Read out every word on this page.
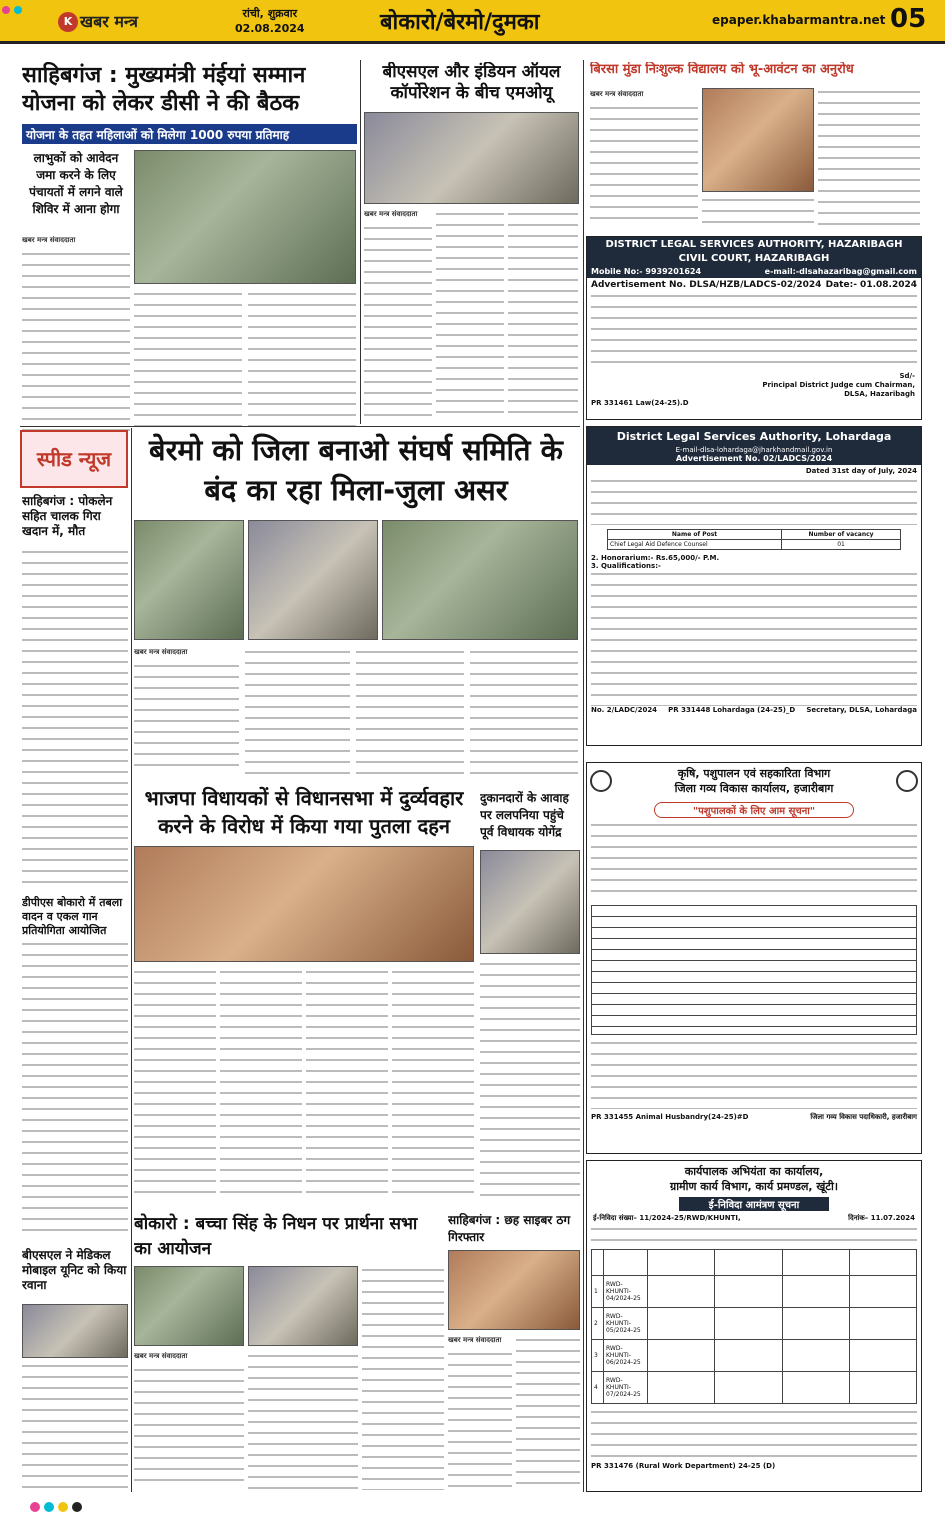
K खबर मन्त्र	रांची, शुक्रवार
02.08.2024	बोकारो/बेरमो/दुमका	epaper.khabarmantra.net 05
साहिबगंज : मुख्यमंत्री मंईयां सम्मान योजना को लेकर डीसी ने की बैठक
योजना के तहत महिलाओं को मिलेगा 1000 रुपया प्रतिमाह
लाभुकों को आवेदन जमा करने के लिए पंचायतों में लगने वाले शिविर में आना होगा
खबर मन्त्र संवाददाता
बीएसएल और इंडियन ऑयल कॉर्पोरेशन के बीच एमओयू
खबर मन्त्र संवाददाता
बिरसा मुंडा निःशुल्क विद्यालय को भू-आवंटन का अनुरोध
खबर मन्त्र संवाददाता
DISTRICT LEGAL SERVICES AUTHORITY, HAZARIBAGH
CIVIL COURT, HAZARIBAGH
Mobile No:- 9939201624	e-mail:-dlsahazaribag@gmail.com
Advertisement No. DLSA/HZB/LADCS-02/2024 Date:- 01.08.2024
Sd/-
Principal District Judge cum Chairman,
DLSA, Hazaribagh
PR 331461 Law(24-25).D
स्पीड न्यूज
साहिबगंज : पोकलेन सहित चालक गिरा खदान में, मौत
डीपीएस बोकारो में तबला वादन व एकल गान प्रतियोगिता आयोजित
बीएसएल ने मेडिकल मोबाइल यूनिट को किया रवाना
बेरमो को जिला बनाओ संघर्ष समिति के बंद का रहा मिला-जुला असर
खबर मन्त्र संवाददाता
भाजपा विधायकों से विधानसभा में दुर्व्यवहार करने के विरोध में किया गया पुतला दहन
दुकानदारों के आवाह पर ललपनिया पहुंचे पूर्व विधायक योगेंद्र
बोकारो : बच्चा सिंह के निधन पर प्रार्थना सभा का आयोजन
खबर मन्त्र संवाददाता
साहिबगंज : छह साइबर ठग गिरफ्तार
खबर मन्त्र संवाददाता
District Legal Services Authority, Lohardaga
E-mail-dlsa-lohardaga@jharkhandmail.gov.in
Advertisement No. 02/LADCS/2024
Dated 31st day of July, 2024
Name of Post	Number of vacancy
Chief Legal Aid Defence Counsel	01
2. Honorarium:- Rs.65,000/- P.M.
3. Qualifications:-
No. 2/LADC/2024 PR 331448 Lohardaga (24-25)_D Secretary, DLSA, Lohardaga
कृषि, पशुपालन एवं सहकारिता विभाग
जिला गव्य विकास कार्यालय, हजारीबाग
"पशुपालकों के लिए आम सूचना"
PR 331455 Animal Husbandry(24-25)#D	जिला गव्य विकास पदाधिकारी, हजारीबाग
कार्यपालक अभियंता का कार्यालय,
ग्रामीण कार्य विभाग, कार्य प्रमण्डल, खूंटी।
ई-निविदा आमंत्रण सूचना
ई-निविदा संख्या– 11/2024-25/RWD/KHUNTI,	दिनांक– 11.07.2024

1	RWD-KHUNTI-04/2024-25				
2	RWD-KHUNTI-05/2024-25				
3	RWD-KHUNTI-06/2024-25				
4	RWD-KHUNTI-07/2024-25				
PR 331476 (Rural Work Department) 24-25 (D)
